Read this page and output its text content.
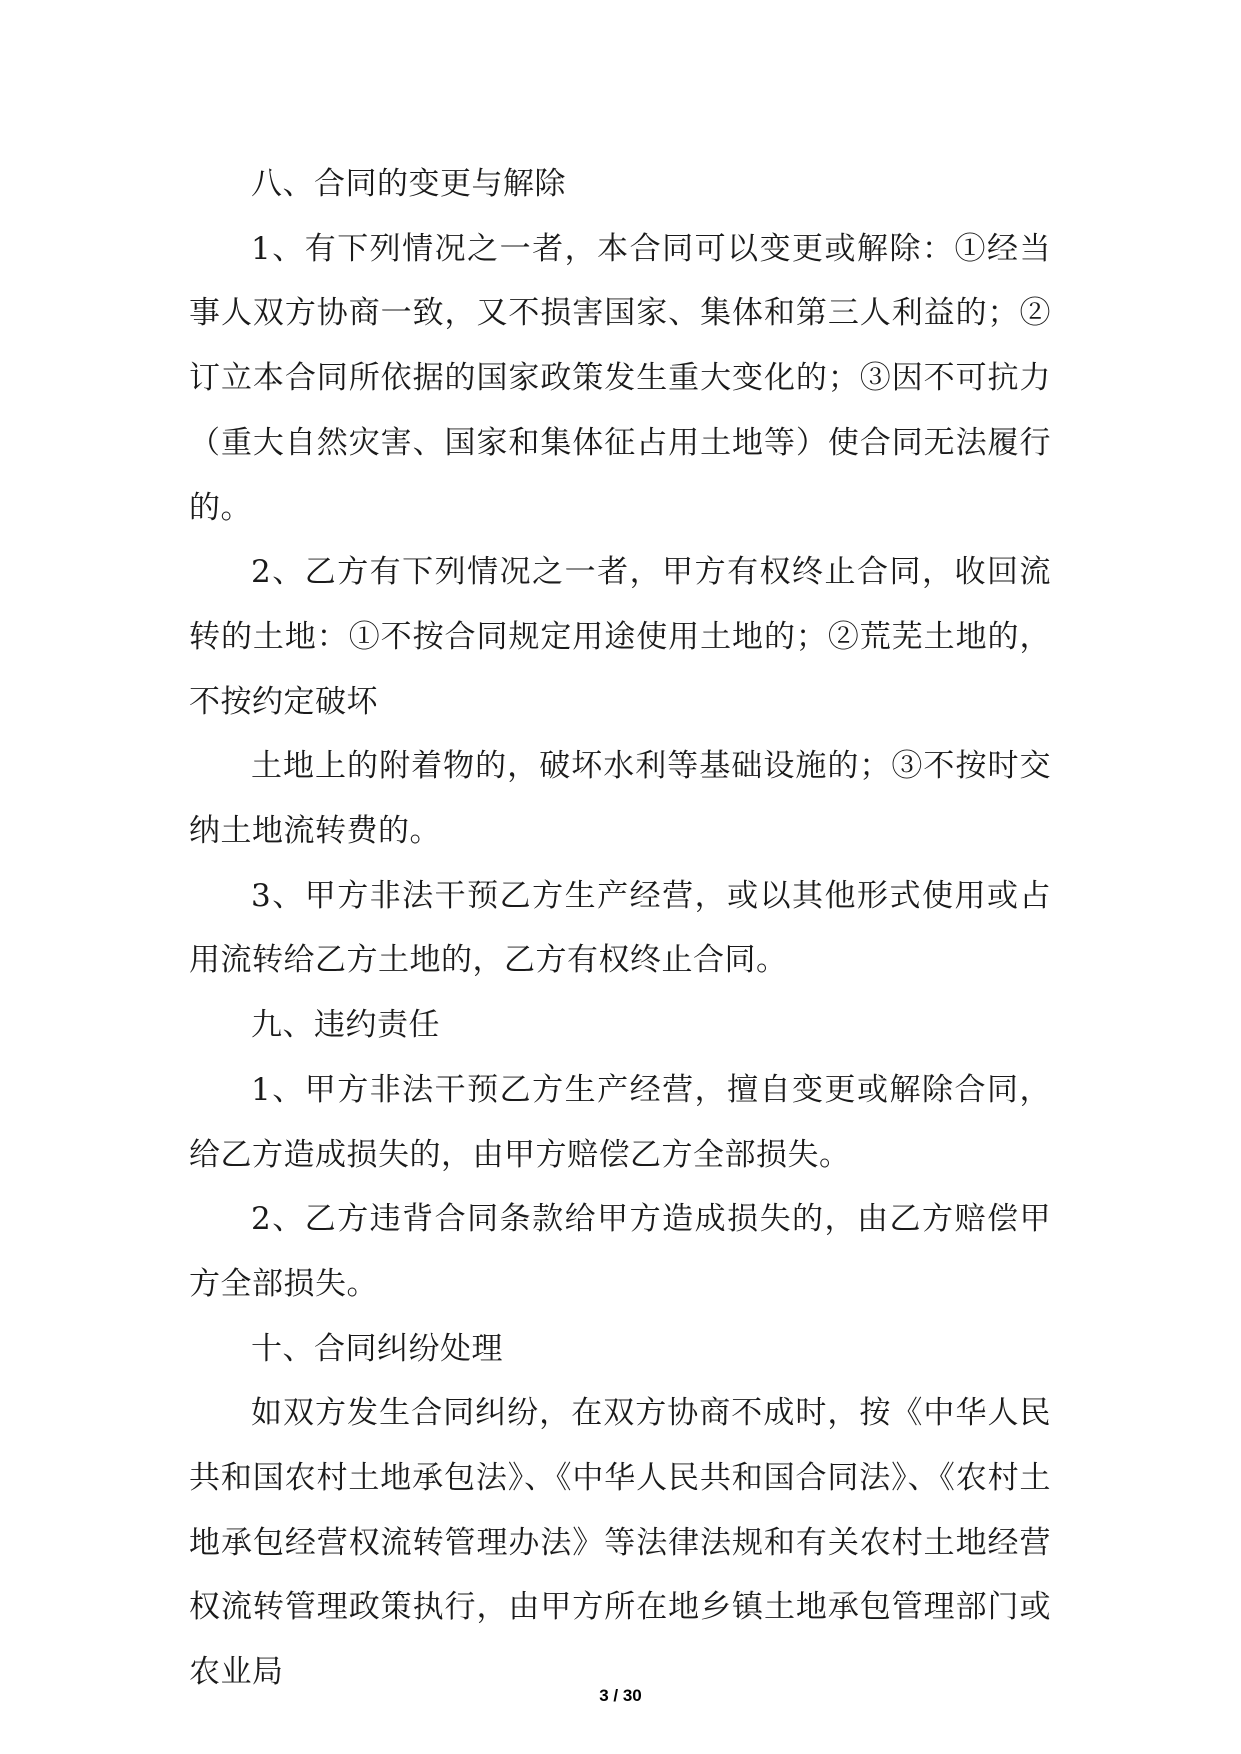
八、合同的变更与解除

1、有下列情况之一者，本合同可以变更或解除：①经当事人双方协商一致，又不损害国家、集体和第三人利益的；②订立本合同所依据的国家政策发生重大变化的；③因不可抗力（重大自然灾害、国家和集体征占用土地等）使合同无法履行的。

2、乙方有下列情况之一者，甲方有权终止合同，收回流转的土地：①不按合同规定用途使用土地的；②荒芜土地的，不按约定破坏

土地上的附着物的，破坏水利等基础设施的；③不按时交纳土地流转费的。

3、甲方非法干预乙方生产经营，或以其他形式使用或占用流转给乙方土地的，乙方有权终止合同。

九、违约责任

1、甲方非法干预乙方生产经营，擅自变更或解除合同，给乙方造成损失的，由甲方赔偿乙方全部损失。

2、乙方违背合同条款给甲方造成损失的，由乙方赔偿甲方全部损失。

十、合同纠纷处理

如双方发生合同纠纷，在双方协商不成时，按《中华人民共和国农村土地承包法》、《中华人民共和国合同法》、《农村土地承包经营权流转管理办法》等法律法规和有关农村土地经营权流转管理政策执行，由甲方所在地乡镇土地承包管理部门或农业局

3 / 30
